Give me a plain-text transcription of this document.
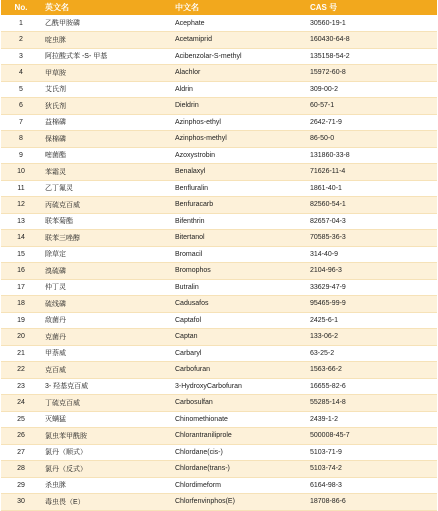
No.	英文名	中文名	CAS 号
1	乙酰甲胺磷	Acephate	30560-19-1
2	啶虫脒	Acetamiprid	160430-64-8
3	阿拉酸式苯 -S- 甲基	Acibenzolar-S-methyl	135158-54-2
4	甲草胺	Alachlor	15972-60-8
5	艾氏剂	Aldrin	309-00-2
6	狄氏剂	Dieldrin	60-57-1
7	益棉磷	Azinphos-ethyl	2642-71-9
8	保棉磷	Azinphos-methyl	86-50-0
9	嘧菌酯	Azoxystrobin	131860-33-8
10	苯霜灵	Benalaxyl	71626-11-4
11	乙丁氟灵	Benfluralin	1861-40-1
12	丙硫克百威	Benfuracarb	82560-54-1
13	联苯菊酯	Bifenthrin	82657-04-3
14	联苯三唑醇	Bitertanol	70585-36-3
15	除草定	Bromacil	314-40-9
16	溴硫磷	Bromophos	2104-96-3
17	仲丁灵	Butralin	33629-47-9
18	硫线磷	Cadusafos	95465-99-9
19	敌菌丹	Captafol	2425-6-1
20	克菌丹	Captan	133-06-2
21	甲萘威	Carbaryl	63-25-2
22	克百威	Carbofuran	1563-66-2
23	3- 羟基克百威	3-HydroxyCarbofuran	16655-82-6
24	丁硫克百威	Carbosulfan	55285-14-8
25	灭螨猛	Chinomethionate	2439-1-2
26	氯虫苯甲酰胺	Chlorantraniliprole	500008-45-7
27	氯丹（顺式）	Chlordane(cis-)	5103-71-9
28	氯丹（反式）	Chlordane(trans-)	5103-74-2
29	杀虫脒	Chlordimeform	6164-98-3
30	毒虫畏（E）	Chlorfenvinphos(E)	18708-86-6
